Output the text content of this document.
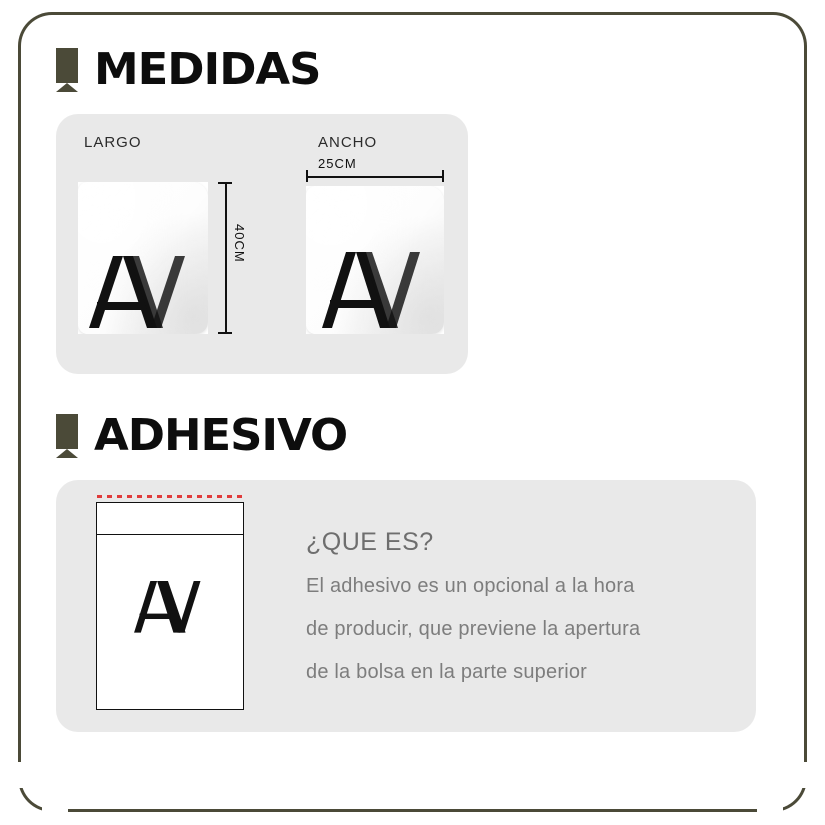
MEDIDAS
LARGO	ANCHO
25CM
40CM
ADHESIVO
¿QUE ES?

El adhesivo es un opcional a la hora

de producir, que previene la apertura

de la bolsa en la parte superior
